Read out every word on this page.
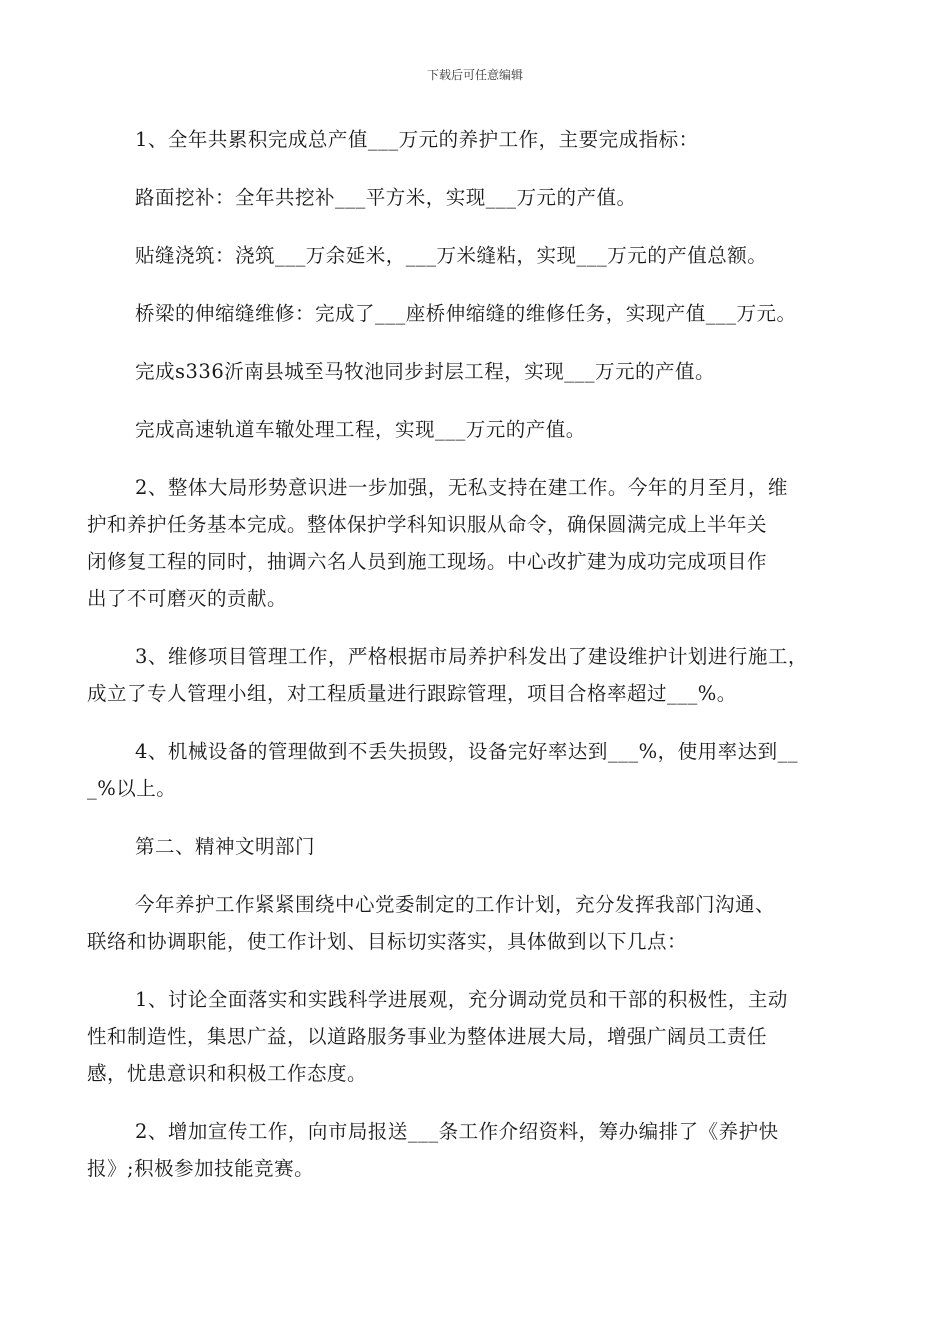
下载后可任意编辑
1、全年共累积完成总产值___万元的养护工作，主要完成指标：
路面挖补：全年共挖补___平方米，实现___万元的产值。
贴缝浇筑：浇筑___万余延米，___万米缝粘，实现___万元的产值总额。
桥梁的伸缩缝维修：完成了___座桥伸缩缝的维修任务，实现产值___万元。
完成s336沂南县城至马牧池同步封层工程，实现___万元的产值。
完成高速轨道车辙处理工程，实现___万元的产值。
2、整体大局形势意识进一步加强，无私支持在建工作。今年的月至月，维
护和养护任务基本完成。整体保护学科知识服从命令，确保圆满完成上半年关
闭修复工程的同时，抽调六名人员到施工现场。中心改扩建为成功完成项目作
出了不可磨灭的贡献。
3、维修项目管理工作，严格根据市局养护科发出了建设维护计划进行施工，
成立了专人管理小组，对工程质量进行跟踪管理，项目合格率超过___%。
4、机械设备的管理做到不丢失损毁，设备完好率达到___%，使用率达到__
_%以上。
第二、精神文明部门
今年养护工作紧紧围绕中心党委制定的工作计划，充分发挥我部门沟通、
联络和协调职能，使工作计划、目标切实落实，具体做到以下几点：
1、讨论全面落实和实践科学进展观，充分调动党员和干部的积极性，主动
性和制造性，集思广益，以道路服务事业为整体进展大局，增强广阔员工责任
感，忧患意识和积极工作态度。
2、增加宣传工作，向市局报送___条工作介绍资料，筹办编排了《养护快
报》;积极参加技能竞赛。
